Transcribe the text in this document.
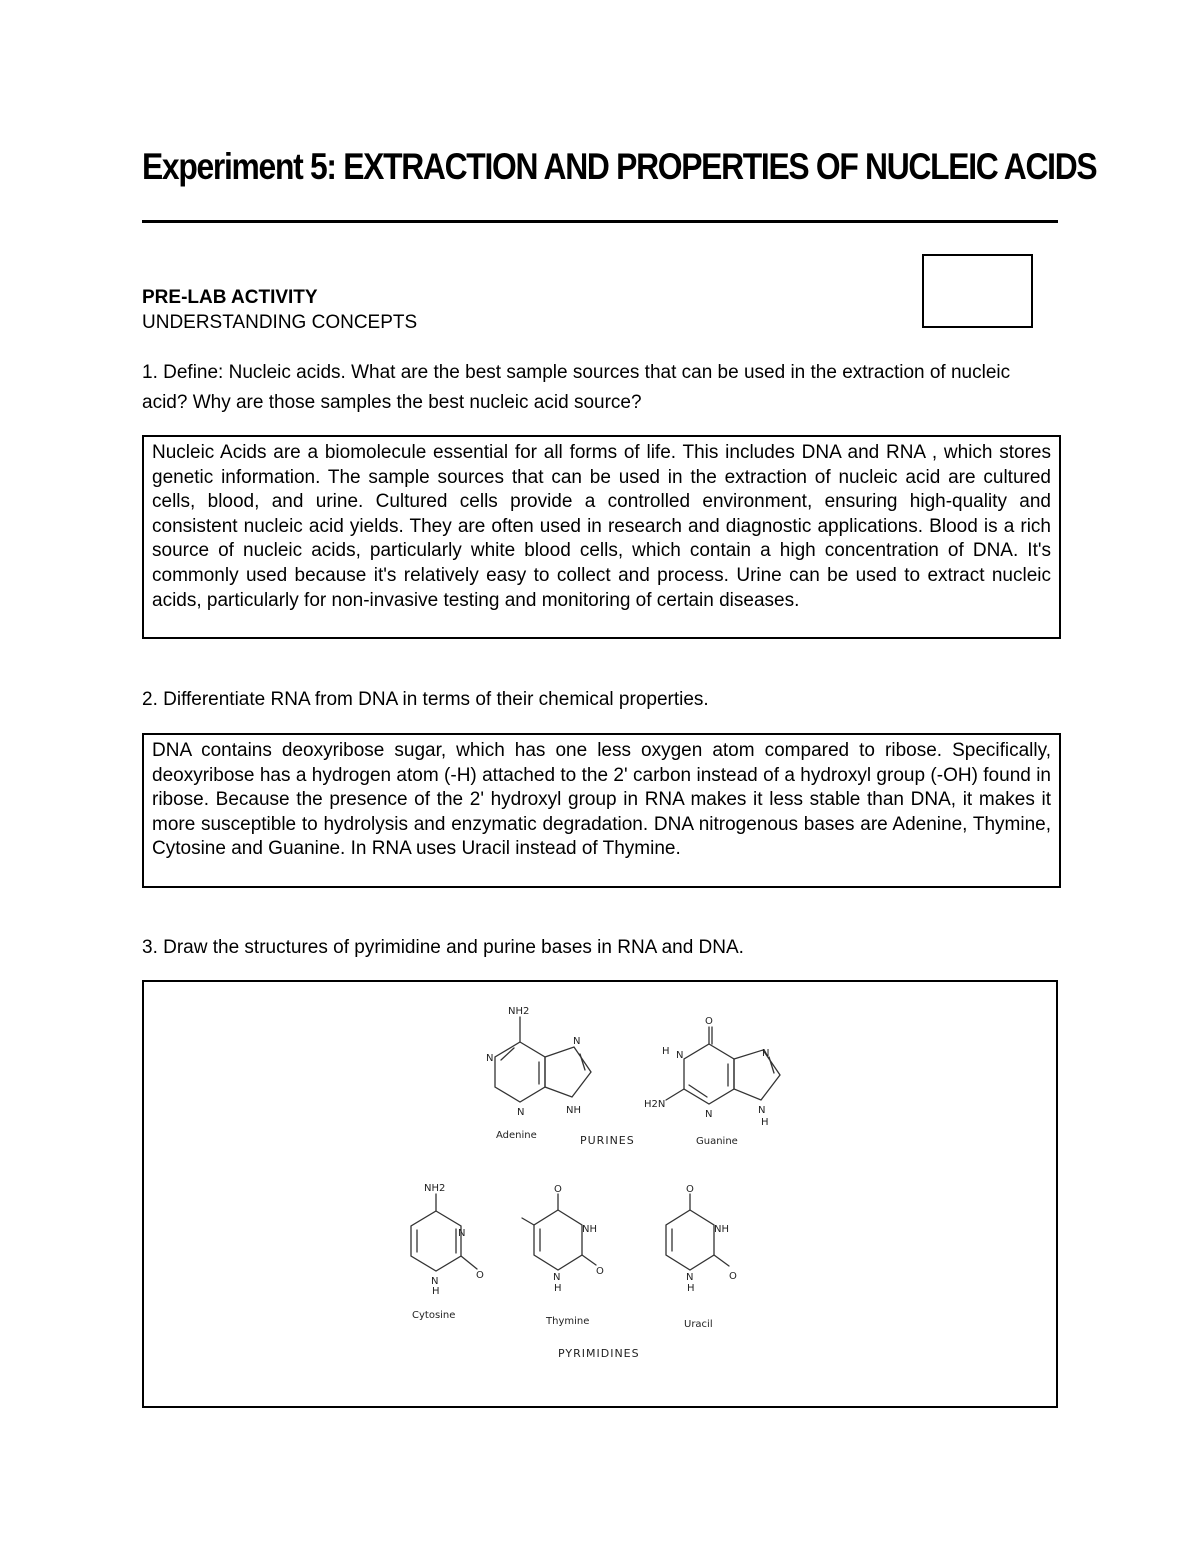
Experiment 5: EXTRACTION AND PROPERTIES OF NUCLEIC ACIDS
PRE-LAB ACTIVITY
UNDERSTANDING CONCEPTS
1. Define: Nucleic acids. What are the best sample sources that can be used in the extraction of nucleic acid? Why are those samples the best nucleic acid source?
Nucleic Acids are a biomolecule essential for all forms of life. This includes DNA and RNA , which stores genetic information. The sample sources that can be used in the extraction of nucleic acid are cultured cells, blood, and urine. Cultured cells provide a controlled environment, ensuring high-quality and consistent nucleic acid yields. They are often used in research and diagnostic applications. Blood is a rich source of nucleic acids, particularly white blood cells, which contain a high concentration of DNA. It's commonly used because it's relatively easy to collect and process. Urine can be used to extract nucleic acids, particularly for non-invasive testing and monitoring of certain diseases.
2. Differentiate RNA from DNA in terms of their chemical properties.
DNA contains deoxyribose sugar, which has one less oxygen atom compared to ribose. Specifically, deoxyribose has a hydrogen atom (-H) attached to the 2' carbon instead of a hydroxyl group (-OH) found in ribose. Because the presence of the 2' hydroxyl group in RNA makes it less stable than DNA, it makes it more susceptible to hydrolysis and enzymatic degradation. DNA nitrogenous bases are Adenine, Thymine, Cytosine and Guanine. In RNA uses Uracil instead of Thymine.
3. Draw the structures of pyrimidine and purine bases in RNA and DNA.
NH2
N
N
N
NH
Adenine
O
H N	N
H2N
N	N
H
Guanine
PURINES
NH2
N
N
H
O
Cytosine
O
NH
N
H
O
Thymine
O
NH
N
H
O
Uracil
PYRIMIDINES
